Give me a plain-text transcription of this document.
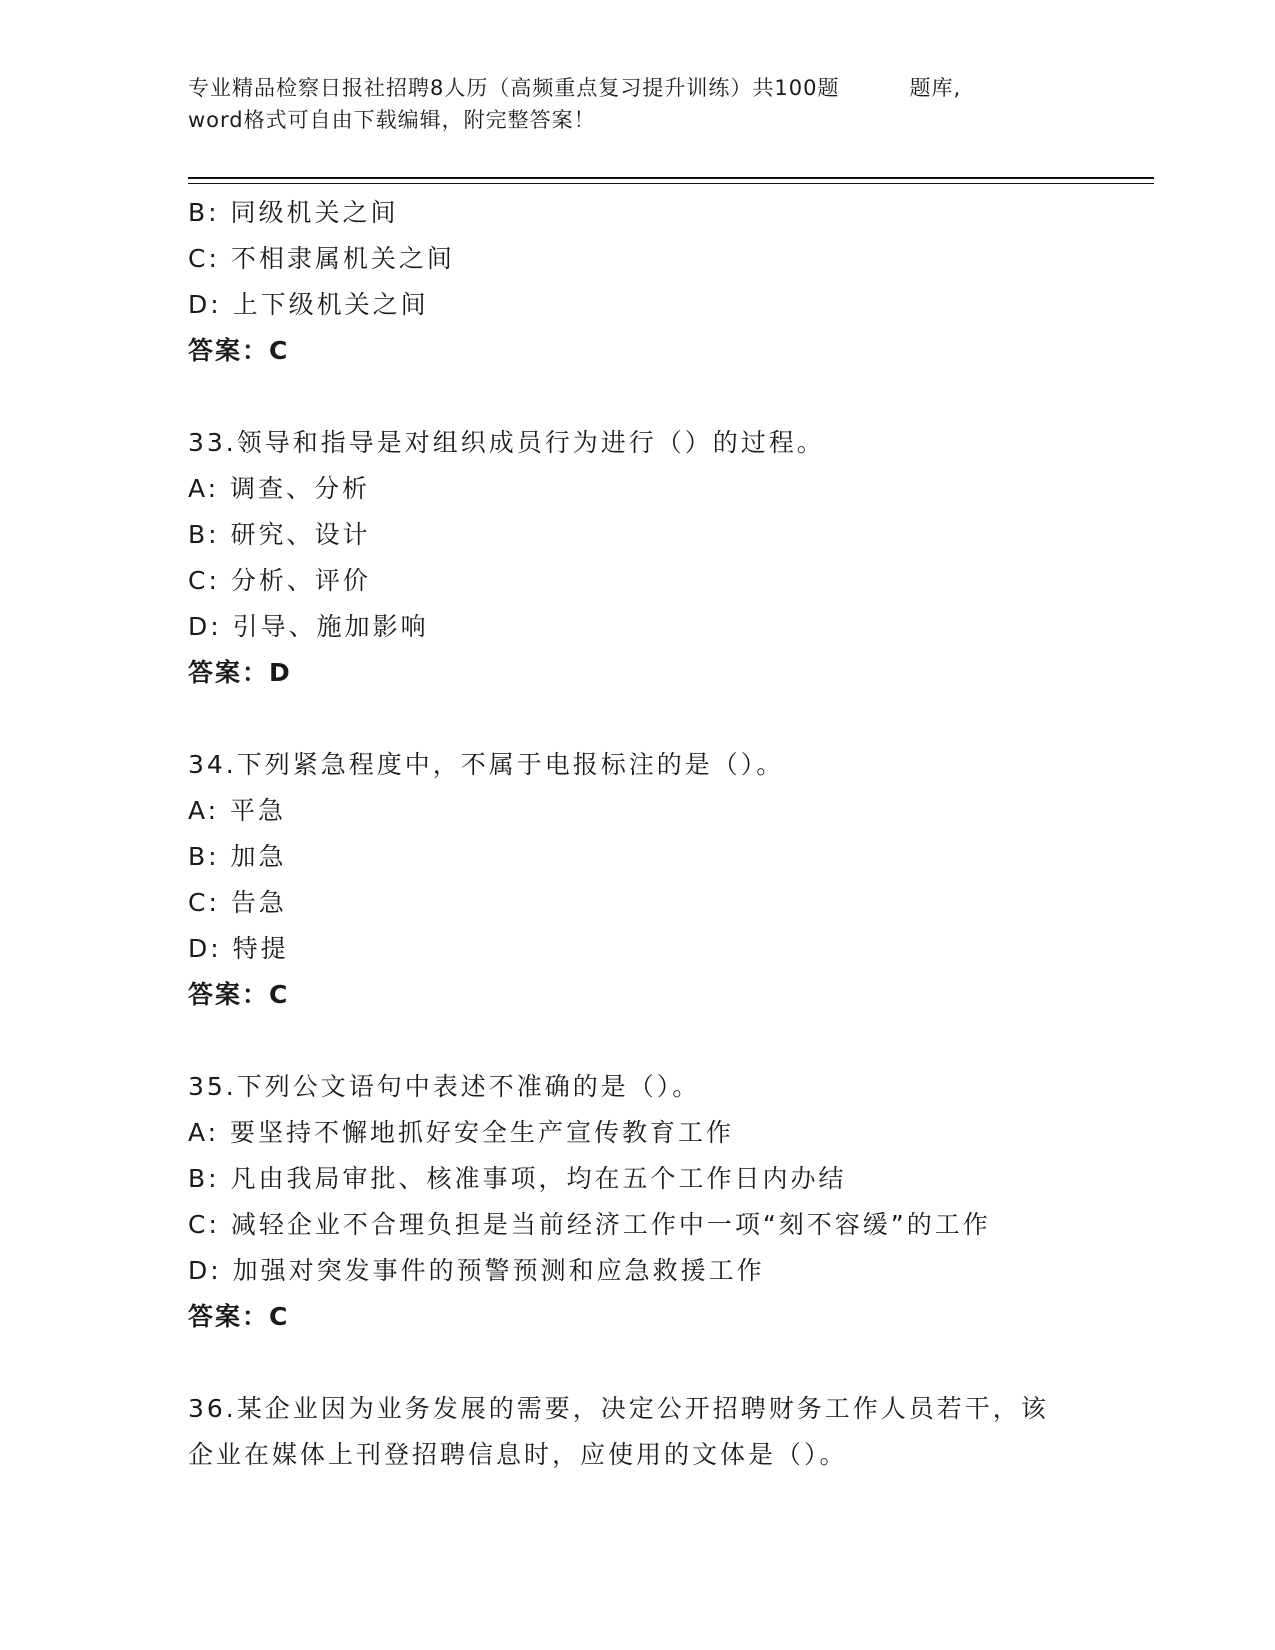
专业精品检察日报社招聘8人历（高频重点复习提升训练）共100题	题库,
word格式可自由下载编辑，附完整答案！
B: 同级机关之间
C: 不相隶属机关之间
D: 上下级机关之间
答案：C
33.领导和指导是对组织成员行为进行（）的过程。
A: 调查、分析
B: 研究、设计
C: 分析、评价
D: 引导、施加影响
答案：D
34.下列紧急程度中，不属于电报标注的是（）。
A: 平急
B: 加急
C: 告急
D: 特提
答案：C
35.下列公文语句中表述不准确的是（）。
A: 要坚持不懈地抓好安全生产宣传教育工作
B: 凡由我局审批、核准事项，均在五个工作日内办结
C: 减轻企业不合理负担是当前经济工作中一项“刻不容缓”的工作
D: 加强对突发事件的预警预测和应急救援工作
答案：C
36.某企业因为业务发展的需要，决定公开招聘财务工作人员若干，该
企业在媒体上刊登招聘信息时，应使用的文体是（）。
